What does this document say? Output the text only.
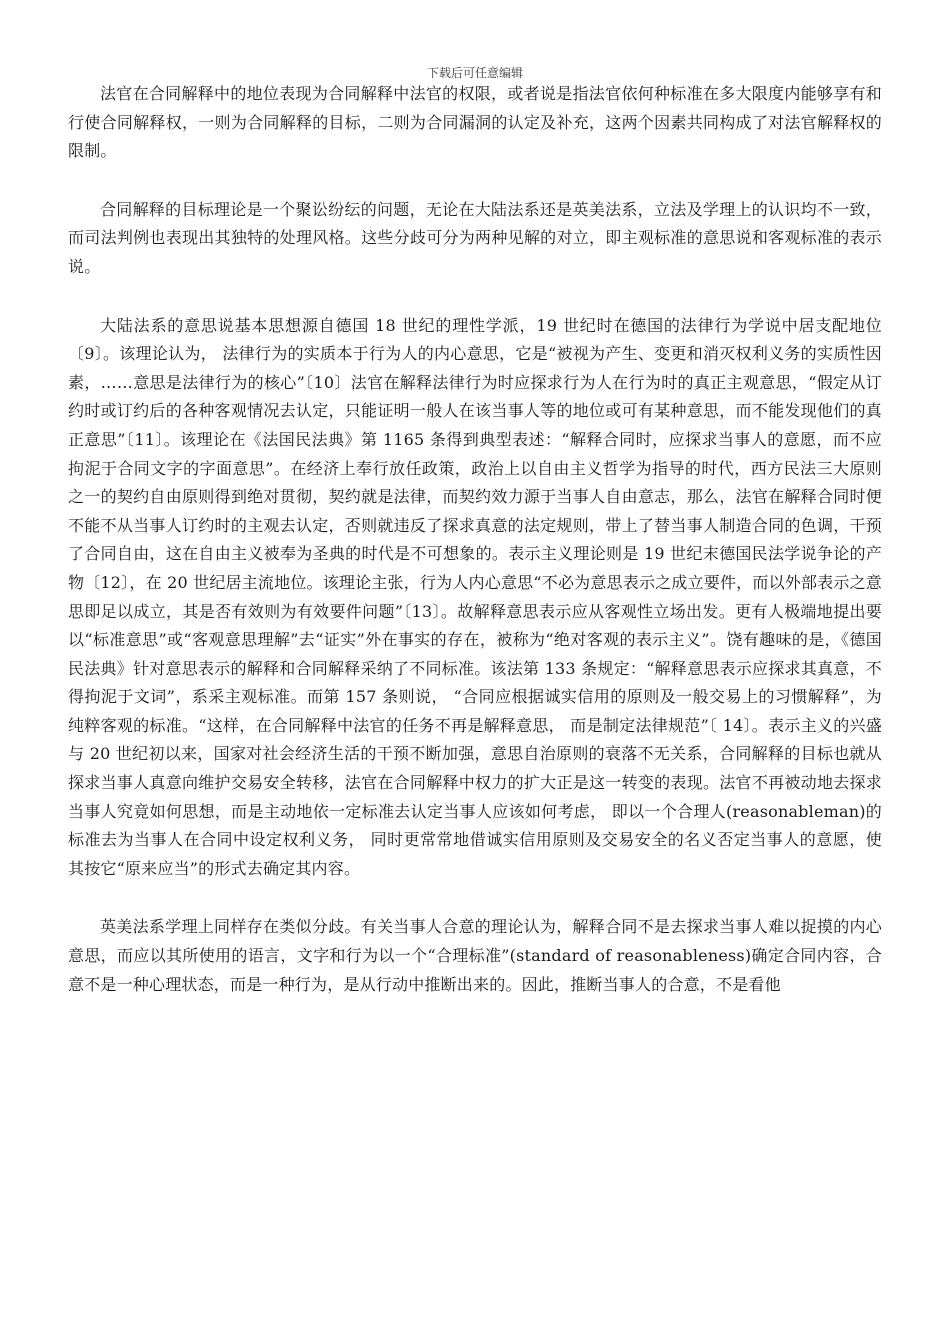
下载后可任意编辑

法官在合同解释中的地位表现为合同解释中法官的权限，或者说是指法官依何种标准在多大限度内能够享有和行使合同解释权，一则为合同解释的目标，二则为合同漏洞的认定及补充，这两个因素共同构成了对法官解释权的限制。

合同解释的目标理论是一个聚讼纷纭的问题，无论在大陆法系还是英美法系，立法及学理上的认识均不一致，而司法判例也表现出其独特的处理风格。这些分歧可分为两种见解的对立，即主观标准的意思说和客观标准的表示说。

大陆法系的意思说基本思想源自德国 18 世纪的理性学派，19 世纪时在德国的法律行为学说中居支配地位〔9〕。该理论认为， 法律行为的实质本于行为人的内心意思，它是“被视为产生、变更和消灭权利义务的实质性因素，……意思是法律行为的核心”〔10〕法官在解释法律行为时应探求行为人在行为时的真正主观意思，“假定从订约时或订约后的各种客观情况去认定，只能证明一般人在该当事人等的地位或可有某种意思，而不能发现他们的真正意思”〔11〕。该理论在《法国民法典》第 1165 条得到典型表述：“解释合同时，应探求当事人的意愿，而不应拘泥于合同文字的字面意思”。在经济上奉行放任政策，政治上以自由主义哲学为指导的时代，西方民法三大原则之一的契约自由原则得到绝对贯彻，契约就是法律，而契约效力源于当事人自由意志，那么，法官在解释合同时便不能不从当事人订约时的主观去认定，否则就违反了探求真意的法定规则，带上了替当事人制造合同的色调，干预了合同自由，这在自由主义被奉为圣典的时代是不可想象的。表示主义理论则是 19 世纪末德国民法学说争论的产物〔12〕，在 20 世纪居主流地位。该理论主张，行为人内心意思“不必为意思表示之成立要件，而以外部表示之意思即足以成立，其是否有效则为有效要件问题”〔13〕。故解释意思表示应从客观性立场出发。更有人极端地提出要以“标准意思”或“客观意思理解”去“证实”外在事实的存在，被称为“绝对客观的表示主义”。饶有趣味的是，《德国民法典》针对意思表示的解释和合同解释采纳了不同标准。该法第 133 条规定：“解释意思表示应探求其真意，不得拘泥于文词”，系采主观标准。而第 157 条则说， “合同应根据诚实信用的原则及一般交易上的习惯解释”，为纯粹客观的标准。“这样，在合同解释中法官的任务不再是解释意思， 而是制定法律规范”〔 14〕。表示主义的兴盛与 20 世纪初以来，国家对社会经济生活的干预不断加强，意思自治原则的衰落不无关系，合同解释的目标也就从探求当事人真意向维护交易安全转移，法官在合同解释中权力的扩大正是这一转变的表现。法官不再被动地去探求当事人究竟如何思想，而是主动地依一定标准去认定当事人应该如何考虑， 即以一个合理人(reasonableman)的标准去为当事人在合同中设定权利义务， 同时更常常地借诚实信用原则及交易安全的名义否定当事人的意愿，使其按它“原来应当”的形式去确定其内容。

英美法系学理上同样存在类似分歧。有关当事人合意的理论认为，解释合同不是去探求当事人难以捉摸的内心意思，而应以其所使用的语言，文字和行为以一个“合理标准”(standard of reasonableness)确定合同内容，合意不是一种心理状态，而是一种行为，是从行动中推断出来的。因此，推断当事人的合意，不是看他
